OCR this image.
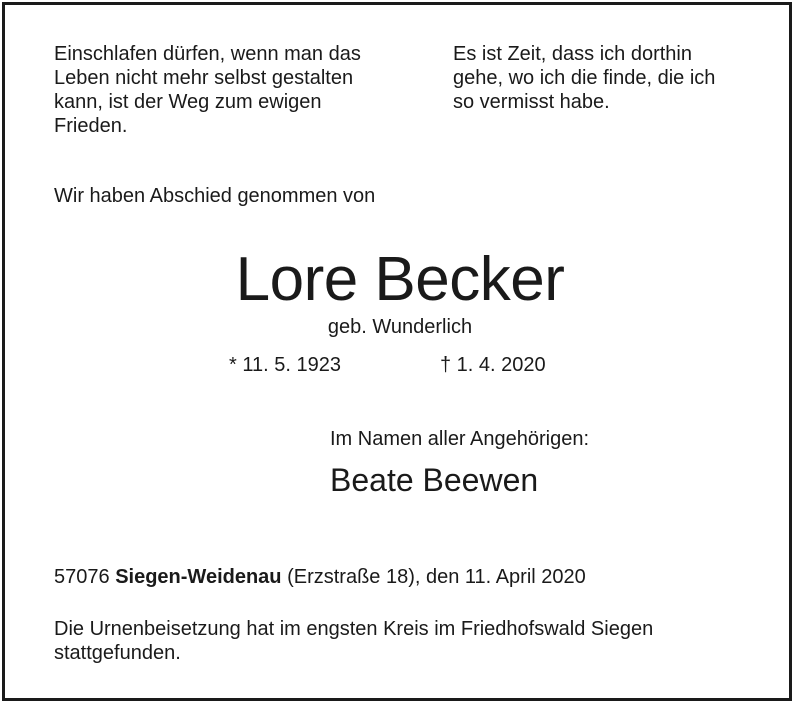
Einschlafen dürfen, wenn man das
Leben nicht mehr selbst gestalten
kann, ist der Weg zum ewigen
Frieden.
Es ist Zeit, dass ich dorthin
gehe, wo ich die finde, die ich
so vermisst habe.
Wir haben Abschied genommen von
Lore Becker
geb. Wunderlich
* 11. 5. 1923	† 1. 4. 2020
Im Namen aller Angehörigen:
Beate Beewen
57076 Siegen-Weidenau (Erzstraße 18), den 11. April 2020
Die Urnenbeisetzung hat im engsten Kreis im Friedhofswald Siegen
stattgefunden.
